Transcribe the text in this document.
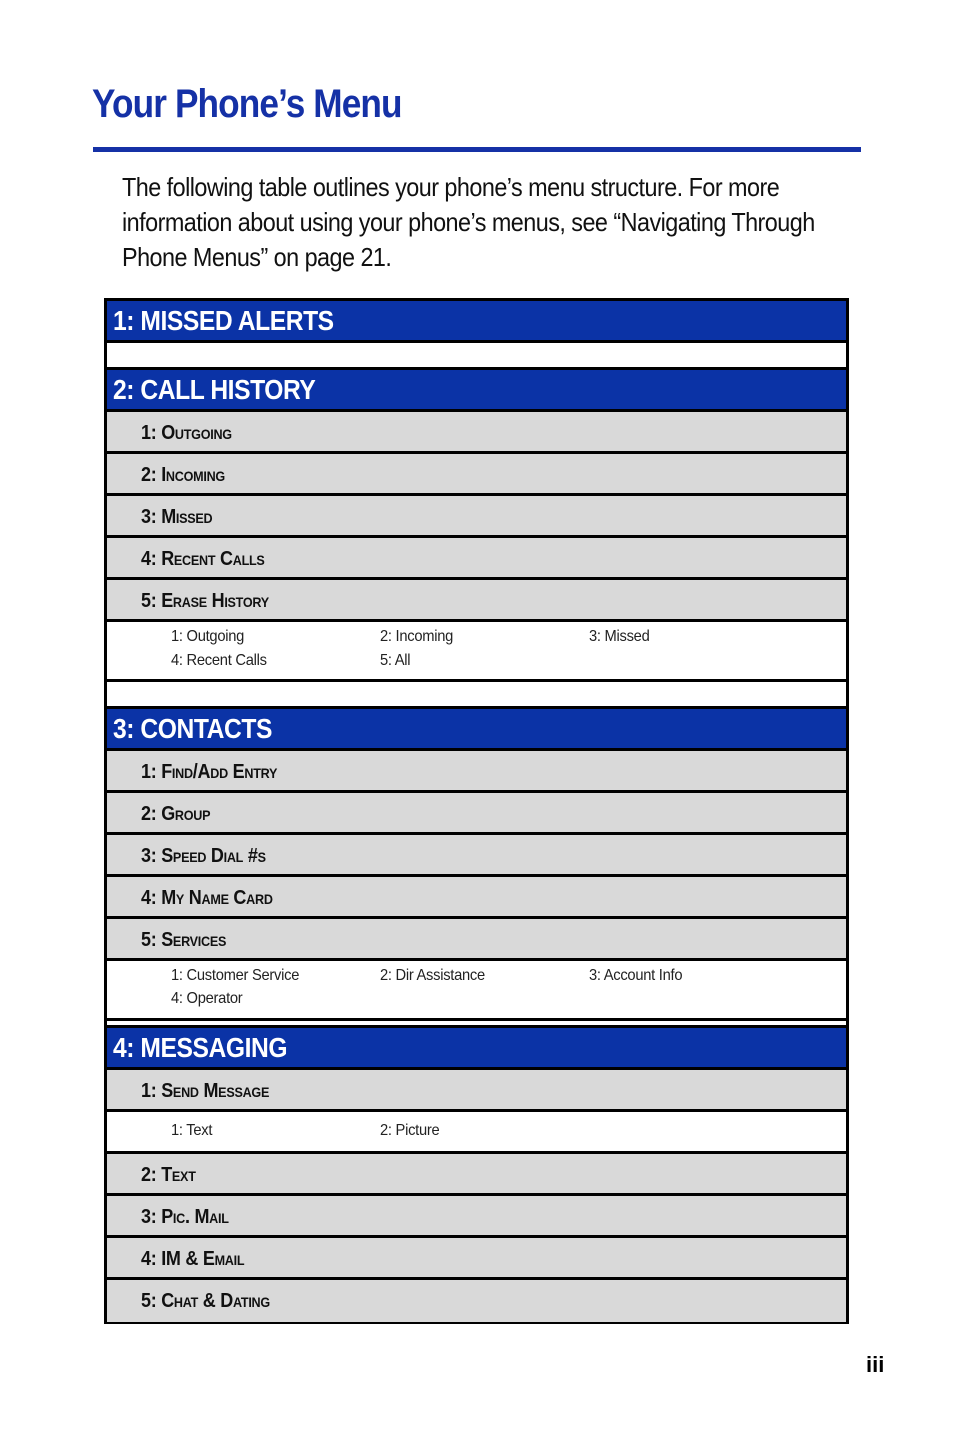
Your Phone’s Menu

The following table outlines your phone’s menu structure. For more information about using your phone’s menus, see “Navigating Through Phone Menus” on page 21.

1: MISSED ALERTS
2: CALL HISTORY
1: Outgoing
2: Incoming
3: Missed
4: Recent Calls
5: Erase History
1: Outgoing	2: Incoming	3: Missed
4: Recent Calls	5: All
3: CONTACTS
1: Find/Add Entry
2: Group
3: Speed Dial #s
4: My Name Card
5: Services
1: Customer Service	2: Dir Assistance	3: Account Info
4: Operator
4: MESSAGING
1: Send Message
1: Text	2: Picture
2: Text
3: Pic. Mail
4: IM & Email
5: Chat & Dating
iii
